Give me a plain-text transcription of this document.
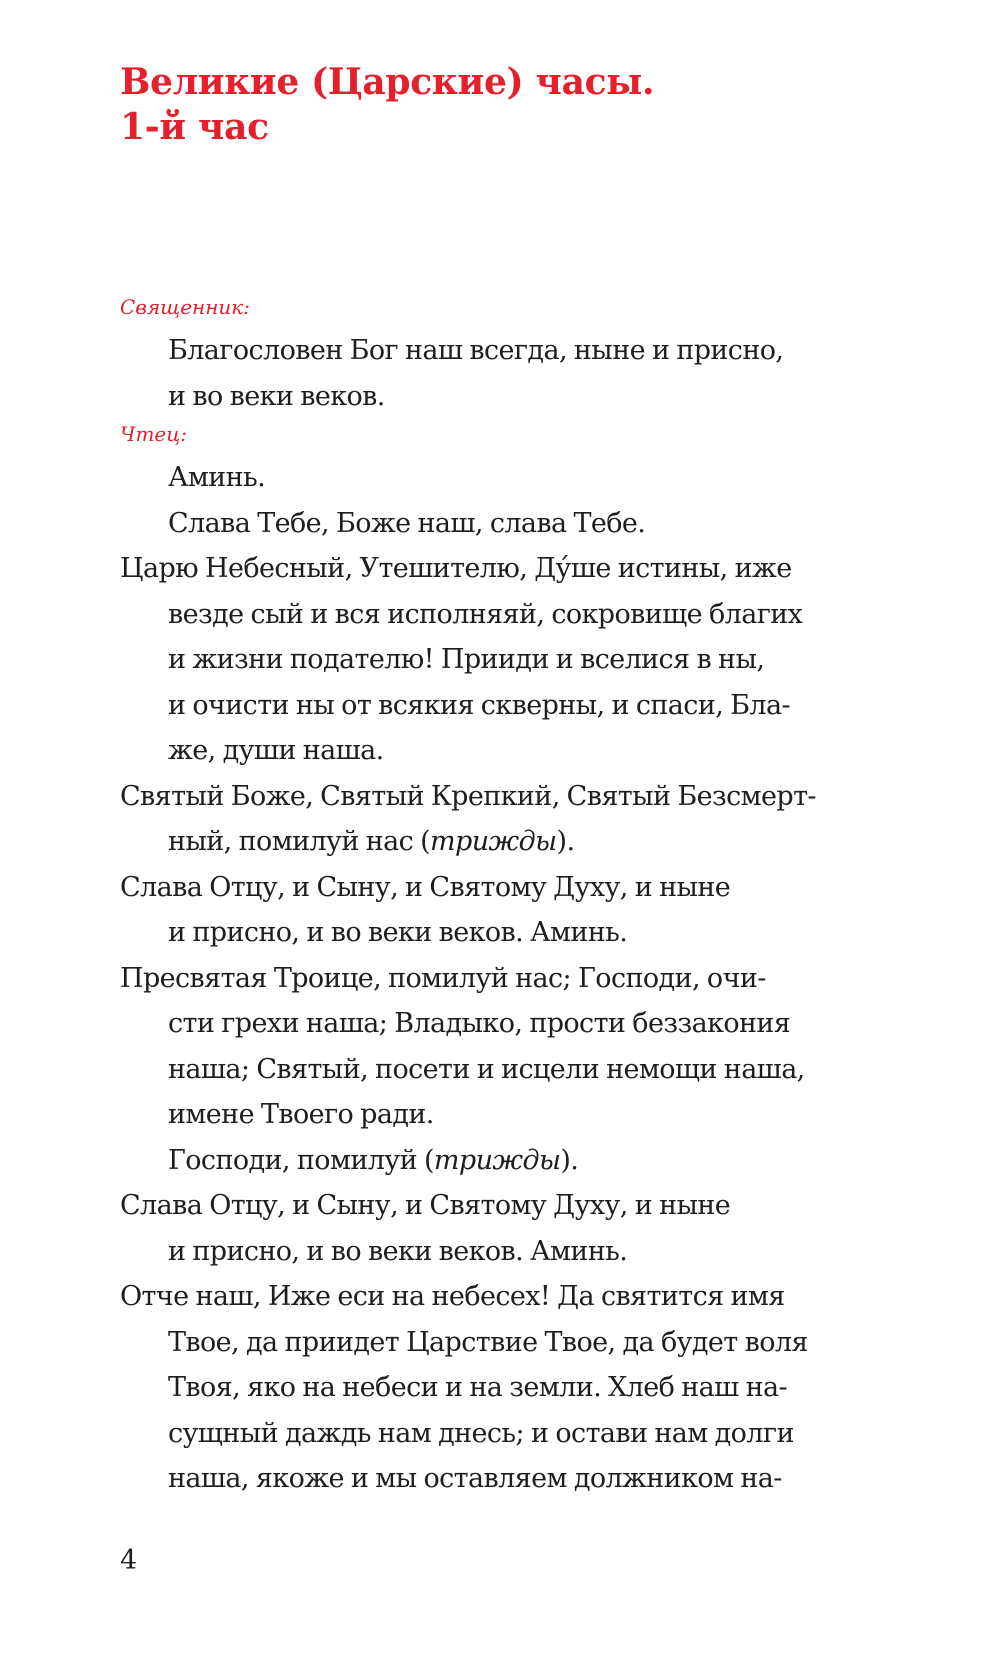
Великие (Царские) часы.
1-й час
Священник:
Благословен Бог наш всегда, ныне и присно,
и во веки веков.
Чтец:
Аминь.
Слава Тебе, Боже наш, слава Тебе.
Царю Небесный, Утешителю, Ду́ше истины, иже
везде сый и вся исполняяй, сокровище благих
и жизни подателю! Прииди и вселися в ны,
и очисти ны от всякия скверны, и спаси, Бла-
же, души наша.
Святый Боже, Святый Крепкий, Святый Безсмерт-
ный, помилуй нас (трижды).
Слава Отцу, и Сыну, и Святому Духу, и ныне
и присно, и во веки веков. Аминь.
Пресвятая Троице, помилуй нас; Господи, очи-
сти грехи наша; Владыко, прости беззакония
наша; Святый, посети и исцели немощи наша,
имене Твоего ради.
Господи, помилуй (трижды).
Слава Отцу, и Сыну, и Святому Духу, и ныне
и присно, и во веки веков. Аминь.
Отче наш, Иже еси на небесех! Да святится имя
Твое, да приидет Царствие Твое, да будет воля
Твоя, яко на небеси и на земли. Хлеб наш на-
сущный даждь нам днесь; и остави нам долги
наша, якоже и мы оставляем должником на-
4
